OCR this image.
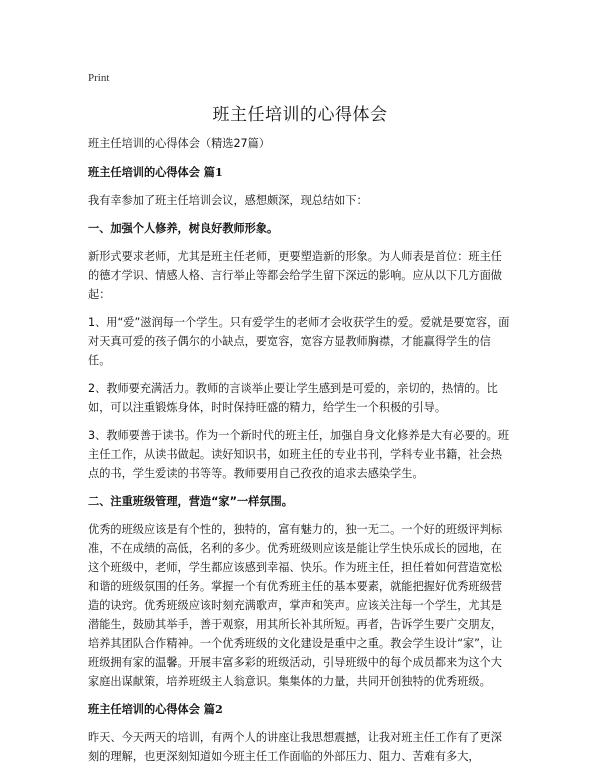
Print
班主任培训的心得体会

班主任培训的心得体会（精选27篇）

班主任培训的心得体会 篇1

我有幸参加了班主任培训会议，感想颇深，现总结如下：

一、加强个人修养，树良好教师形象。

新形式要求老师，尤其是班主任老师，更要塑造新的形象。为人师表是首位：班主任的德才学识、情感人格、言行举止等都会给学生留下深远的影响。应从以下几方面做起：

1、用“爱”滋润每一个学生。只有爱学生的老师才会收获学生的爱。爱就是要宽容，面对天真可爱的孩子偶尔的小缺点，要宽容，宽容方显教师胸襟，才能赢得学生的信任。

2、教师要充满活力。教师的言谈举止要让学生感到是可爱的，亲切的，热情的。比如，可以注重锻炼身体，时时保持旺盛的精力，给学生一个积极的引导。

3、教师要善于读书。作为一个新时代的班主任，加强自身文化修养是大有必要的。班主任工作，从读书做起。读好知识书，如班主任的专业书刊，学科专业书籍，社会热点的书，学生爱读的书等等。教师要用自己孜孜的追求去感染学生。

二、注重班级管理，营造“家”一样氛围。

优秀的班级应该是有个性的，独特的，富有魅力的，独一无二。一个好的班级评判标准，不在成绩的高低，名利的多少。优秀班级则应该是能让学生快乐成长的园地，在这个班级中，老师，学生都应该感到幸福、快乐。作为班主任，担任着如何营造宽松和谐的班级氛围的任务。掌握一个有优秀班主任的基本要素，就能把握好优秀班级营造的诀窍。优秀班级应该时刻充满歌声，掌声和笑声。应该关注每一个学生，尤其是潜能生，鼓励其举手，善于观察，用其所长补其所短。再者，告诉学生要广交朋友，培养其团队合作精神。一个优秀班级的文化建设是重中之重。教会学生设计“家”，让班级拥有家的温馨。开展丰富多彩的班级活动，引导班级中的每个成员都来为这个大家庭出谋献策，培养班级主人翁意识。集集体的力量，共同开创独特的优秀班级。

班主任培训的心得体会 篇2

昨天、今天两天的培训，有两个人的讲座让我思想震撼，让我对班主任工作有了更深刻的理解，也更深刻知道如今班主任工作面临的外部压力、阻力、苦难有多大，
